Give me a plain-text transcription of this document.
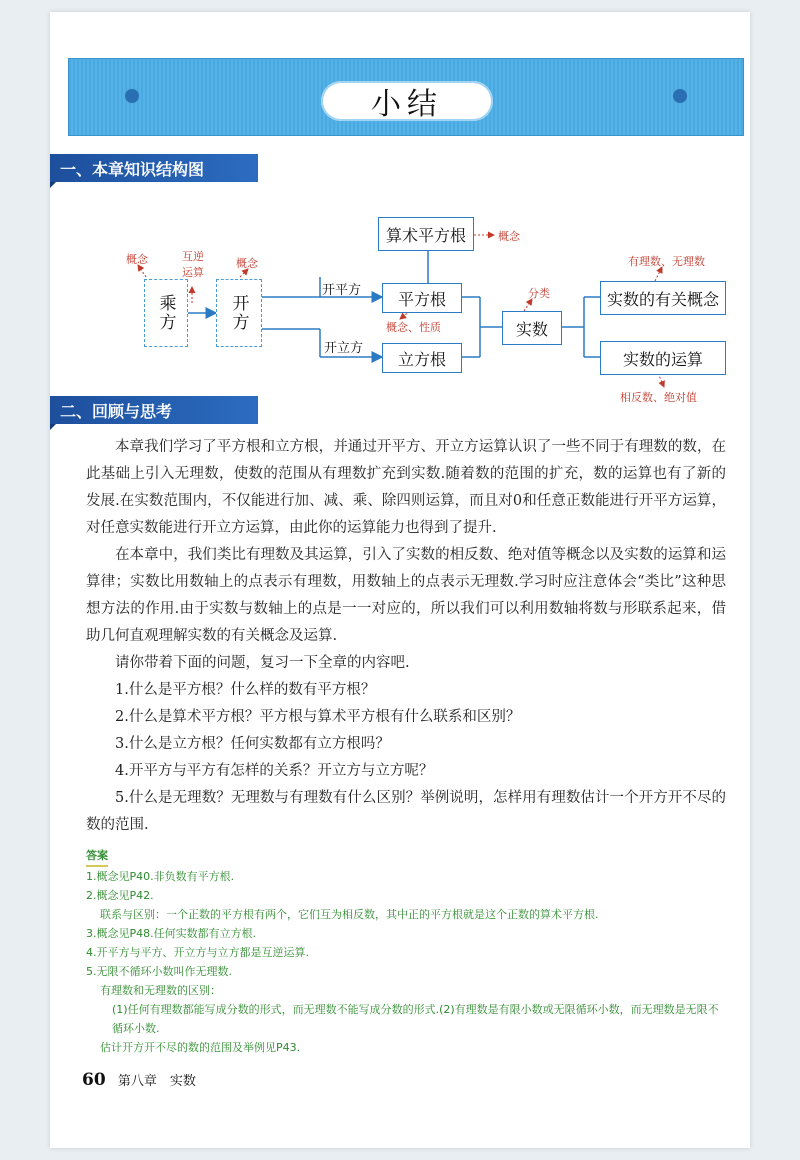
小结
一、本章知识结构图
算术平方根
平方根
立方根
实数
实数的有关概念
实数的运算
乘方	开方
开平方
开立方
概念
概念	互逆运算
概念
概念、性质
分类
有理数、无理数
相反数、绝对值
二、回顾与思考

本章我们学习了平方根和立方根，并通过开平方、开立方运算认识了一些不同于有理数的数，在此基础上引入无理数，使数的范围从有理数扩充到实数.随着数的范围的扩充，数的运算也有了新的发展.在实数范围内，不仅能进行加、减、乘、除四则运算，而且对0和任意正数能进行开平方运算，对任意实数能进行开立方运算，由此你的运算能力也得到了提升.

在本章中，我们类比有理数及其运算，引入了实数的相反数、绝对值等概念以及实数的运算和运算律；实数比用数轴上的点表示有理数，用数轴上的点表示无理数.学习时应注意体会“类比”这种思想方法的作用.由于实数与数轴上的点是一一对应的，所以我们可以利用数轴将数与形联系起来，借助几何直观理解实数的有关概念及运算.

请你带着下面的问题，复习一下全章的内容吧.

1.什么是平方根？什么样的数有平方根？

2.什么是算术平方根？平方根与算术平方根有什么联系和区别？

3.什么是立方根？任何实数都有立方根吗？

4.开平方与平方有怎样的关系？开立方与立方呢？

5.什么是无理数？无理数与有理数有什么区别？举例说明，怎样用有理数估计一个开方开不尽的数的范围.

答案
1.概念见P40.非负数有平方根.
2.概念见P42.
联系与区别：一个正数的平方根有两个，它们互为相反数，其中正的平方根就是这个正数的算术平方根.
3.概念见P48.任何实数都有立方根.
4.开平方与平方、开立方与立方都是互逆运算.
5.无限不循环小数叫作无理数.
有理数和无理数的区别：
(1)任何有理数都能写成分数的形式，而无理数不能写成分数的形式.(2)有理数是有限小数或无限循环小数，而无理数是无限不循环小数.
估计开方开不尽的数的范围及举例见P43.
60 第八章　实数
